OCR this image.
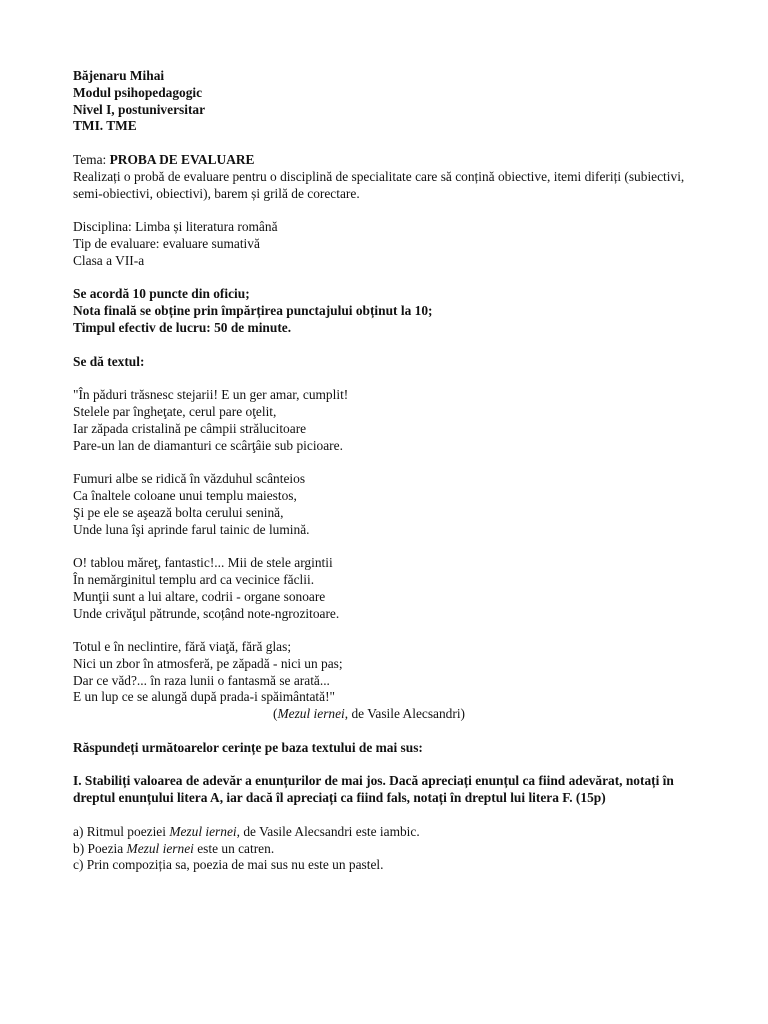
Băjenaru Mihai
Modul psihopedagogic
Nivel I, postuniversitar
TMI. TME
Tema: PROBA DE EVALUARE
Realizați o probă de evaluare pentru o disciplină de specialitate care să conțină obiective, itemi diferiți (subiectivi, semi-obiectivi, obiectivi), barem și grilă de corectare.
Disciplina: Limba și literatura română
Tip de evaluare: evaluare sumativă
Clasa a VII-a
Se acordă 10 puncte din oficiu;
Nota finală se obține prin împărțirea punctajului obținut la 10;
Timpul efectiv de lucru: 50 de minute.
Se dă textul:
"În păduri trăsnesc stejarii! E un ger amar, cumplit!
Stelele par îngheţate, cerul pare oţelit,
Iar zăpada cristalină pe câmpii strălucitoare
Pare-un lan de diamanturi ce scârţâie sub picioare.
Fumuri albe se ridică în văzduhul scânteios
Ca înaltele coloane unui templu maiestos,
Şi pe ele se aşează bolta cerului senină,
Unde luna îşi aprinde farul tainic de lumină.
O! tablou măreţ, fantastic!... Mii de stele argintii
În nemărginitul templu ard ca vecinice făclii.
Munţii sunt a lui altare, codrii - organe sonoare
Unde crivăţul pătrunde, scoțând note-ngrozitoare.
Totul e în neclintire, fără viaţă, fără glas;
Nici un zbor în atmosferă, pe zăpadă - nici un pas;
Dar ce văd?... în raza lunii o fantasmă se arată...
E un lup ce se alungă după prada-i spăimântată!"
(Mezul iernei, de Vasile Alecsandri)
Răspundeți următoarelor cerințe pe baza textului de mai sus:
I. Stabiliți valoarea de adevăr a enunțurilor de mai jos. Dacă apreciați enunțul ca fiind adevărat, notați în dreptul enunțului litera A, iar dacă îl apreciați ca fiind fals, notați în dreptul lui litera F. (15p)
a) Ritmul poeziei Mezul iernei, de Vasile Alecsandri este iambic.
b) Poezia Mezul iernei este un catren.
c) Prin compoziția sa, poezia de mai sus nu este un pastel.
